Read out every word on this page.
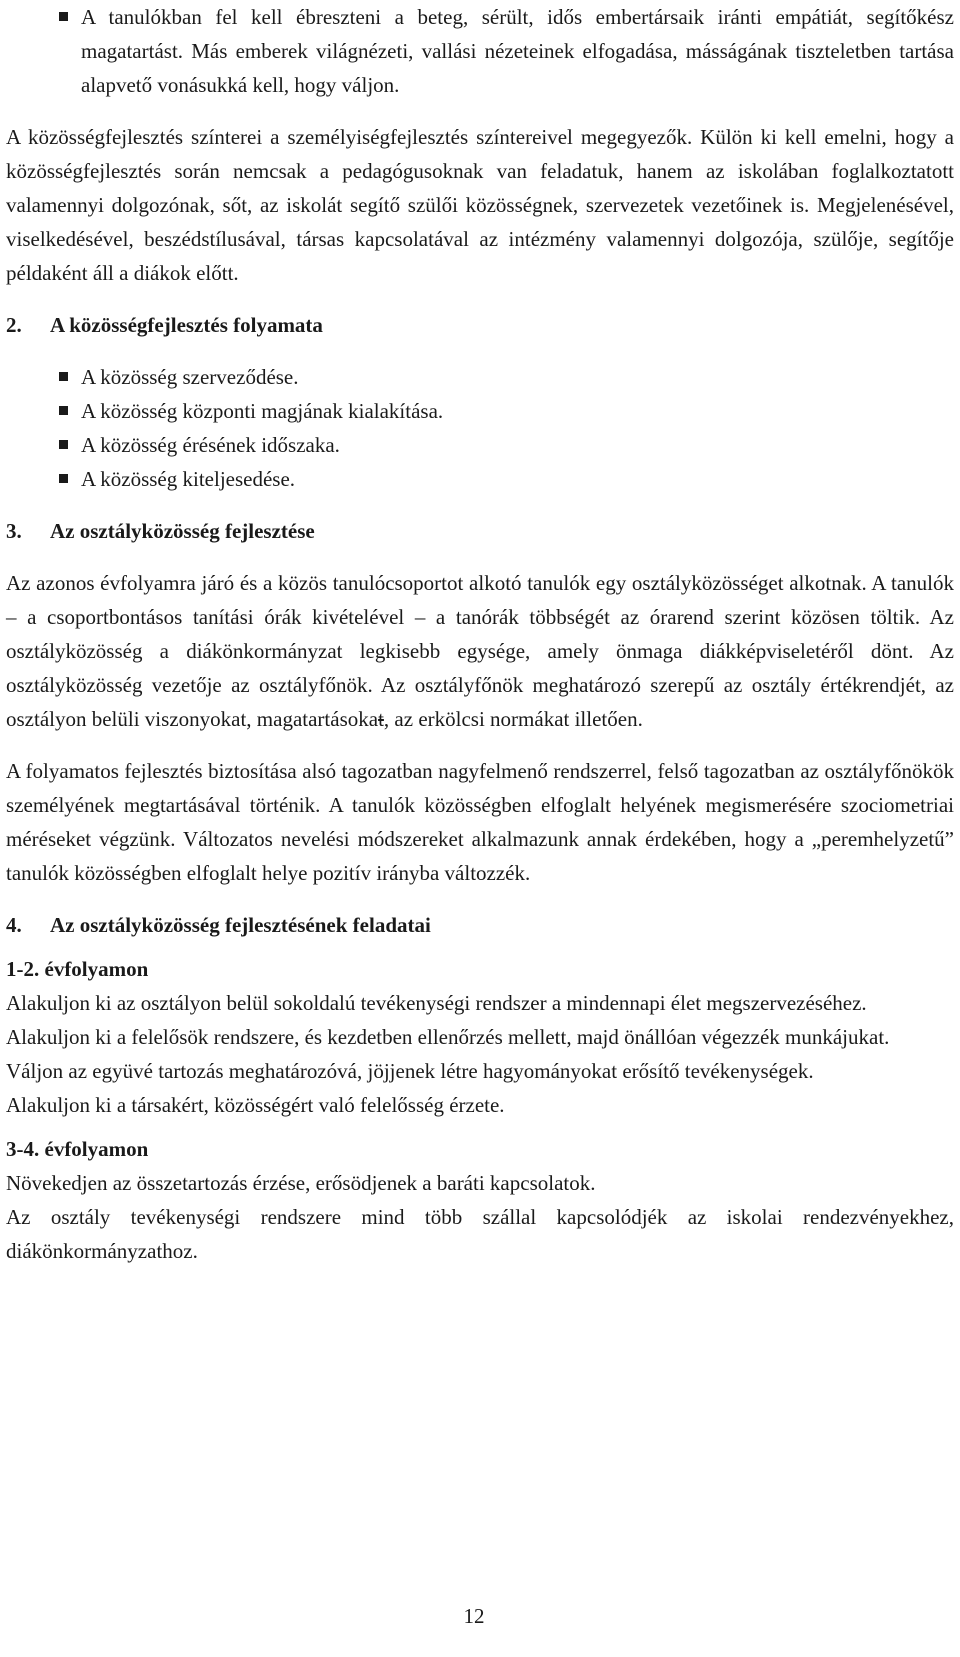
A tanulókban fel kell ébreszteni a beteg, sérült, idős embertársaik iránti empátiát, segítőkész magatartást. Más emberek világnézeti, vallási nézeteinek elfogadása, másságának tiszteletben tartása alapvető vonásukká kell, hogy váljon.

A közösségfejlesztés színterei a személyiségfejlesztés színtereivel megegyezők. Külön ki kell emelni, hogy a közösségfejlesztés során nemcsak a pedagógusoknak van feladatuk, hanem az iskolában foglalkoztatott valamennyi dolgozónak, sőt, az iskolát segítő szülői közösségnek, szervezetek vezetőinek is. Megjelenésével, viselkedésével, beszédstílusával, társas kapcsolatával az intézmény valamennyi dolgozója, szülője, segítője példaként áll a diákok előtt.

2.	A közösségfejlesztés folyamata
A közösség szerveződése.
A közösség központi magjának kialakítása.
A közösség érésének időszaka.
A közösség kiteljesedése.
3.	Az osztályközösség fejlesztése

Az azonos évfolyamra járó és a közös tanulócsoportot alkotó tanulók egy osztályközösséget alkotnak. A tanulók – a csoportbontásos tanítási órák kivételével – a tanórák többségét az órarend szerint közösen töltik. Az osztályközösség a diákönkormányzat legkisebb egysége, amely önmaga diákképviseletéről dönt. Az osztályközösség vezetője az osztályfőnök. Az osztályfőnök meghatározó szerepű az osztály értékrendjét, az osztályon belüli viszonyokat, magatartásokat, az erkölcsi normákat illetően.

A folyamatos fejlesztés biztosítása alsó tagozatban nagyfelmenő rendszerrel, felső tagozatban az osztályfőnökök személyének megtartásával történik. A tanulók közösségben elfoglalt helyének megismerésére szociometriai méréseket végzünk. Változatos nevelési módszereket alkalmazunk annak érdekében, hogy a „peremhelyzetű” tanulók közösségben elfoglalt helye pozitív irányba változzék.

4.	Az osztályközösség fejlesztésének feladatai

1-2. évfolyamon

Alakuljon ki az osztályon belül sokoldalú tevékenységi rendszer a mindennapi élet megszervezéséhez.

Alakuljon ki a felelősök rendszere, és kezdetben ellenőrzés mellett, majd önállóan végezzék munkájukat.

Váljon az együvé tartozás meghatározóvá, jöjjenek létre hagyományokat erősítő tevékenységek.

Alakuljon ki a társakért, közösségért való felelősség érzete.

3-4. évfolyamon

Növekedjen az összetartozás érzése, erősödjenek a baráti kapcsolatok.

Az osztály tevékenységi rendszere mind több szállal kapcsolódjék az iskolai rendezvényekhez, diákönkormányzathoz.

12
